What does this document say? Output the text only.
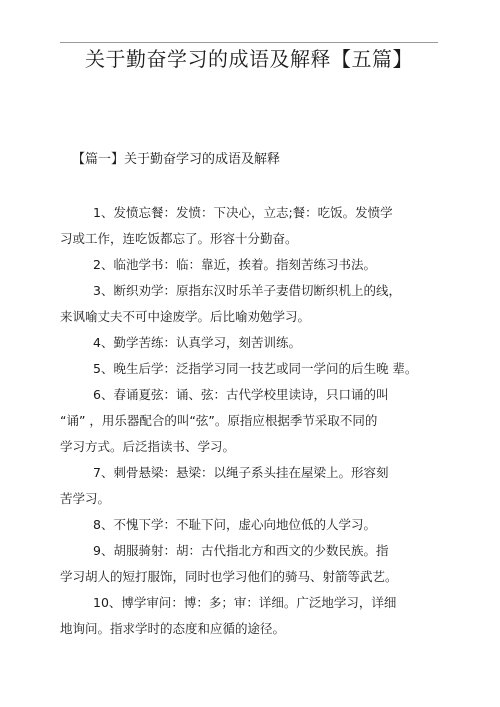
关于勤奋学习的成语及解释【五篇】
【篇一】关于勤奋学习的成语及解释
1、发愤忘餐：发愤：下决心，立志;餐：吃饭。发愤学
习或工作，连吃饭都忘了。形容十分勤奋。
2、临池学书：临：靠近，挨着。指刻苦练习书法。
3、断织劝学：原指东汉时乐羊子妻借切断织机上的线，
来讽喻丈夫不可中途废学。后比喻劝勉学习。
4、勤学苦练：认真学习，刻苦训练。
5、晚生后学：泛指学习同一技艺或同一学问的后生晚 辈。
6、春诵夏弦：诵、弦：古代学校里读诗，只口诵的叫
“诵” ，用乐器配合的叫“弦”。原指应根据季节采取不同的
学习方式。后泛指读书、学习。
7、刺骨悬梁：悬梁：以绳子系头挂在屋梁上。形容刻
苦学习。
8、不愧下学：不耻下问，虚心向地位低的人学习。
9、胡服骑射：胡：古代指北方和西文的少数民族。指
学习胡人的短打服饰，同时也学习他们的骑马、射箭等武艺。
10、博学审问：博：多；审：详细。广泛地学习，详细
地询问。指求学时的态度和应循的途径。
